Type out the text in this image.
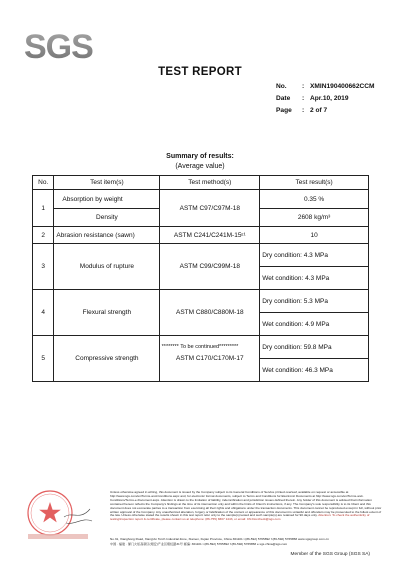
SGS
TEST REPORT
No.	: XMIN190400662CCM
Date	: Apr.10, 2019
Page	: 2 of 7
Summary of results:
(Average value)
No.	Test item(s)	Test method(s)	Test result(s)
1	Absorption by weight	ASTM C97/C97M-18	0.35 %
	Density		2608 kg/m³
2	Abrasion resistance (sawn)	ASTM C241/C241M-15ᵋ¹	10
3	Modulus of rupture	ASTM C99/C99M-18	Dry condition: 4.3 MPa
			Wet condition: 4.3 MPa
4	Flexural strength	ASTM C880/C880M-18	Dry condition: 5.3 MPa
			Wet condition: 4.9 MPa
5	Compressive strength	ASTM C170/C170M-17	Dry condition: 59.8 MPa
			Wet condition: 46.3 MPa
******** To be continued*********
Unless otherwise agreed in writing, this document is issued by the Company subject to its General Conditions of Service printed overleaf, available on request or accessible at http://www.sgs.com/en/Terms-and-Conditions.aspx and, for electronic format documents, subject to Terms and Conditions for Electronic Documents at http://www.sgs.com/en/Terms-and-Conditions/Terms-e-Document.aspx. Attention is drawn to the limitation of liability, indemnification and jurisdiction issues defined therein. Any holder of this document is advised that information contained hereon reflects the Company's findings at the time of its intervention only and within the limits of Client's instructions, if any. The Company's sole responsibility is to its Client and this document does not exonerate parties to a transaction from exercising all their rights and obligations under the transaction documents. This document cannot be reproduced except in full, without prior written approval of the Company. Any unauthorized alteration, forgery or falsification of the content or appearance of this document is unlawful and offenders may be prosecuted to the fullest extent of the law. Unless otherwise stated the results shown in this test report refer only to the sample(s) tested and such sample(s) are retained for 90 days only. Attention: To check the authenticity of testing/inspection report & certificate, please contact us at telephone: (86-755) 8307 1443, or email: CN.Doccheck@sgs.com
No.31, Xianghong Road, Xiang'An Torch Industrial Zone, Xiamen, Fujian Province, China 361101 t (86-592) 5765892 f (86-592) 5765858 www.sgsgroup.com.cn
中国 · 福建 · 厦门火炬高新区(翔安)产业区翔虹路31号 邮编: 361101 t (86-592) 5765892 f (86-592) 5765858 e sgs.china@sgs.com
Member of the SGS Group (SGS SA)
